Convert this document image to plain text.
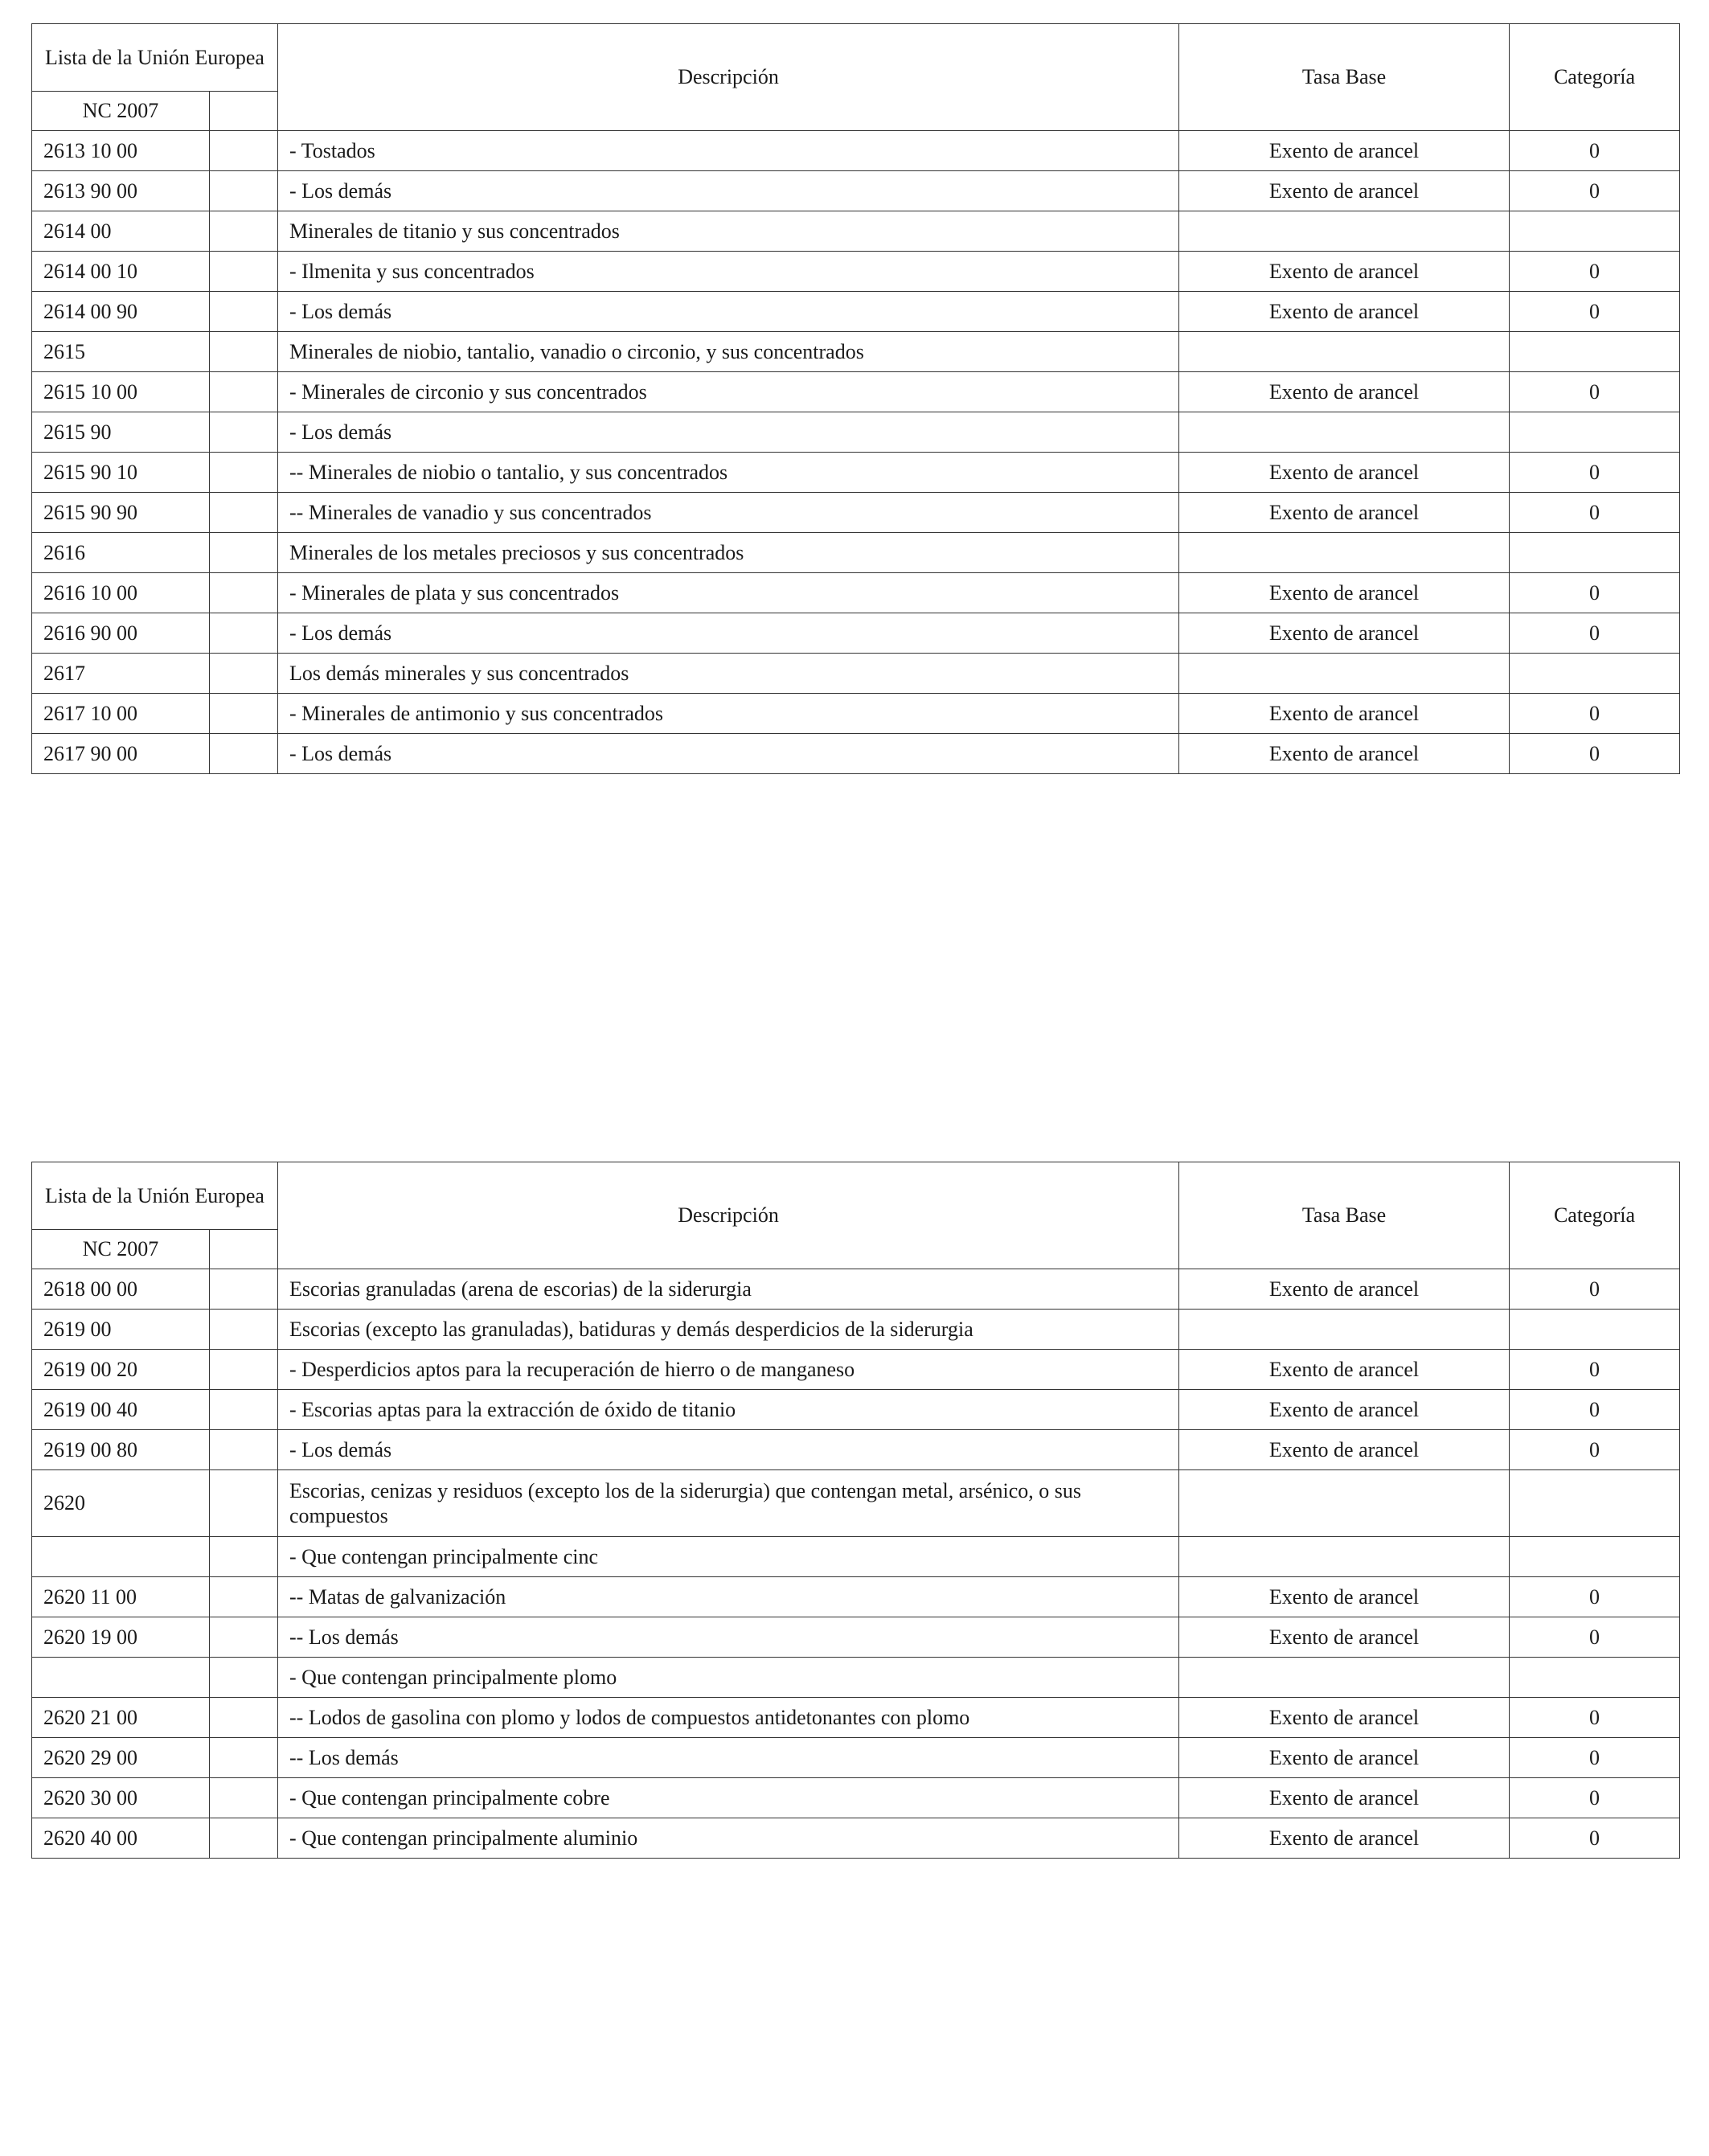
Lista de la Unión Europea		Descripción	Tasa Base	Categoría
NC 2007				
2613 10 00		- Tostados	Exento de arancel	0
2613 90 00		- Los demás	Exento de arancel	0
2614 00		Minerales de titanio y sus concentrados		
2614 00 10		- Ilmenita y sus concentrados	Exento de arancel	0
2614 00 90		- Los demás	Exento de arancel	0
2615		Minerales de niobio, tantalio, vanadio o circonio, y sus concentrados		
2615 10 00		- Minerales de circonio y sus concentrados	Exento de arancel	0
2615 90		- Los demás		
2615 90 10		-- Minerales de niobio o tantalio, y sus concentrados	Exento de arancel	0
2615 90 90		-- Minerales de vanadio y sus concentrados	Exento de arancel	0
2616		Minerales de los metales preciosos y sus concentrados		
2616 10 00		- Minerales de plata y sus concentrados	Exento de arancel	0
2616 90 00		- Los demás	Exento de arancel	0
2617		Los demás minerales y sus concentrados		
2617 10 00		- Minerales de antimonio y sus concentrados	Exento de arancel	0
2617 90 00		- Los demás	Exento de arancel	0
Lista de la Unión Europea		Descripción	Tasa Base	Categoría
NC 2007				
2618 00 00		Escorias granuladas (arena de escorias) de la siderurgia	Exento de arancel	0
2619 00		Escorias (excepto las granuladas), batiduras y demás desperdicios de la siderurgia		
2619 00 20		- Desperdicios aptos para la recuperación de hierro o de manganeso	Exento de arancel	0
2619 00 40		- Escorias aptas para la extracción de óxido de titanio	Exento de arancel	0
2619 00 80		- Los demás	Exento de arancel	0
2620		Escorias, cenizas y residuos (excepto los de la siderurgia) que contengan metal, arsénico, o sus compuestos		
		- Que contengan principalmente cinc		
2620 11 00		-- Matas de galvanización	Exento de arancel	0
2620 19 00		-- Los demás	Exento de arancel	0
		- Que contengan principalmente plomo		
2620 21 00		-- Lodos de gasolina con plomo y lodos de compuestos antidetonantes con plomo	Exento de arancel	0
2620 29 00		-- Los demás	Exento de arancel	0
2620 30 00		- Que contengan principalmente cobre	Exento de arancel	0
2620 40 00		- Que contengan principalmente aluminio	Exento de arancel	0
